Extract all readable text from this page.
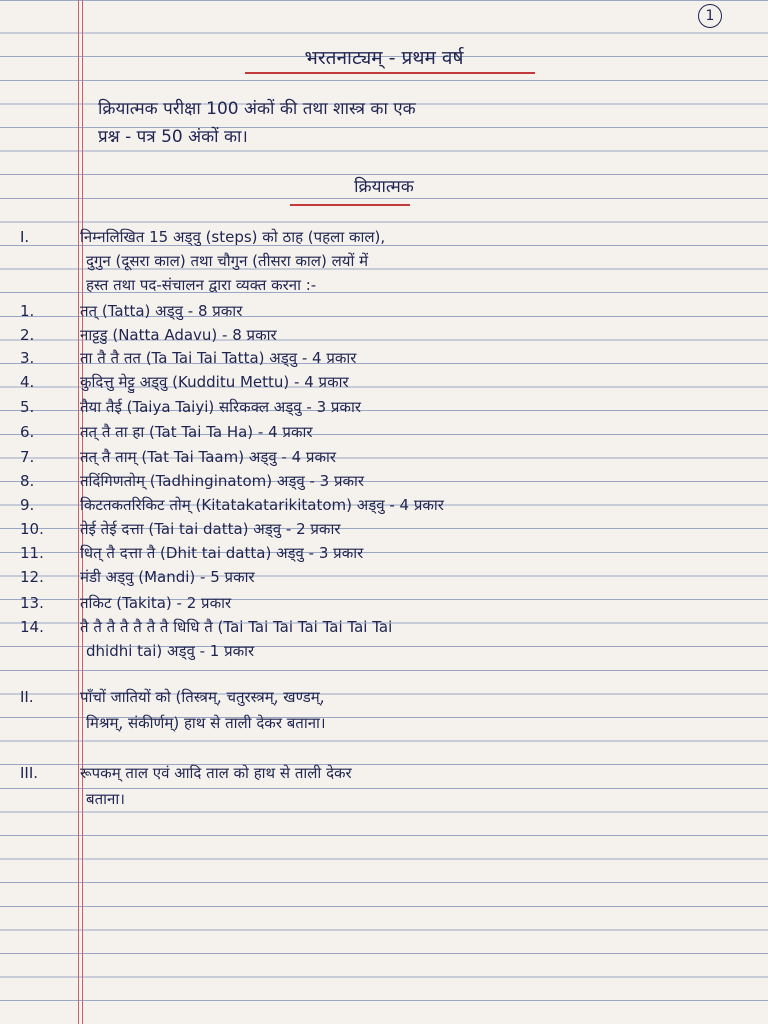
1
भरतनाट्यम् - प्रथम वर्ष
क्रियात्मक परीक्षा 100 अंकों की तथा शास्त्र का एक
प्रश्न - पत्र 50 अंकों का।
क्रियात्मक
I.	निम्नलिखित 15 अड्वु (steps) को ठाह (पहला काल),
दुगुन (दूसरा काल) तथा चौगुन (तीसरा काल) लयों में
हस्त तथा पद-संचालन द्वारा व्यक्त करना :-
1.	तत् (Tatta) अड्वु - 8 प्रकार
2.	नाट्टडु (Natta Adavu) - 8 प्रकार
3.	ता तै तै तत (Ta Tai Tai Tatta) अड्वु - 4 प्रकार
4.	कुदित्तु मेट्टु अड्वु (Kudditu Mettu) - 4 प्रकार
5.	तैया तैई (Taiya Taiyi) सरिकक्ल अड्वु - 3 प्रकार
6.	तत् तै ता हा (Tat Tai Ta Ha) - 4 प्रकार
7.	तत् तै ताम् (Tat Tai Taam) अड्वु - 4 प्रकार
8.	तदिंगिणतोम् (Tadhinginatom) अड्वु - 3 प्रकार
9.	किटतकतरिकिट तोम् (Kitatakatarikitatom) अड्वु - 4 प्रकार
10. तेई तेई दत्ता (Tai tai datta) अड्वु - 2 प्रकार
11. धित् तै दत्ता तै (Dhit tai datta) अड्वु - 3 प्रकार
12. मंडी अड्वु (Mandi) - 5 प्रकार
13. तकिट (Takita) - 2 प्रकार
14. तै तै तै तै तै तै तै धिधि तै (Tai Tai Tai Tai Tai Tai Tai
dhidhi tai) अड्वु - 1 प्रकार
II.	पाँचों जातियों को (तिस्त्रम्, चतुरस्त्रम्, खण्डम्,
मिश्रम्, संकीर्णम्) हाथ से ताली देकर बताना।
III.	रूपकम् ताल एवं आदि ताल को हाथ से ताली देकर
बताना।
